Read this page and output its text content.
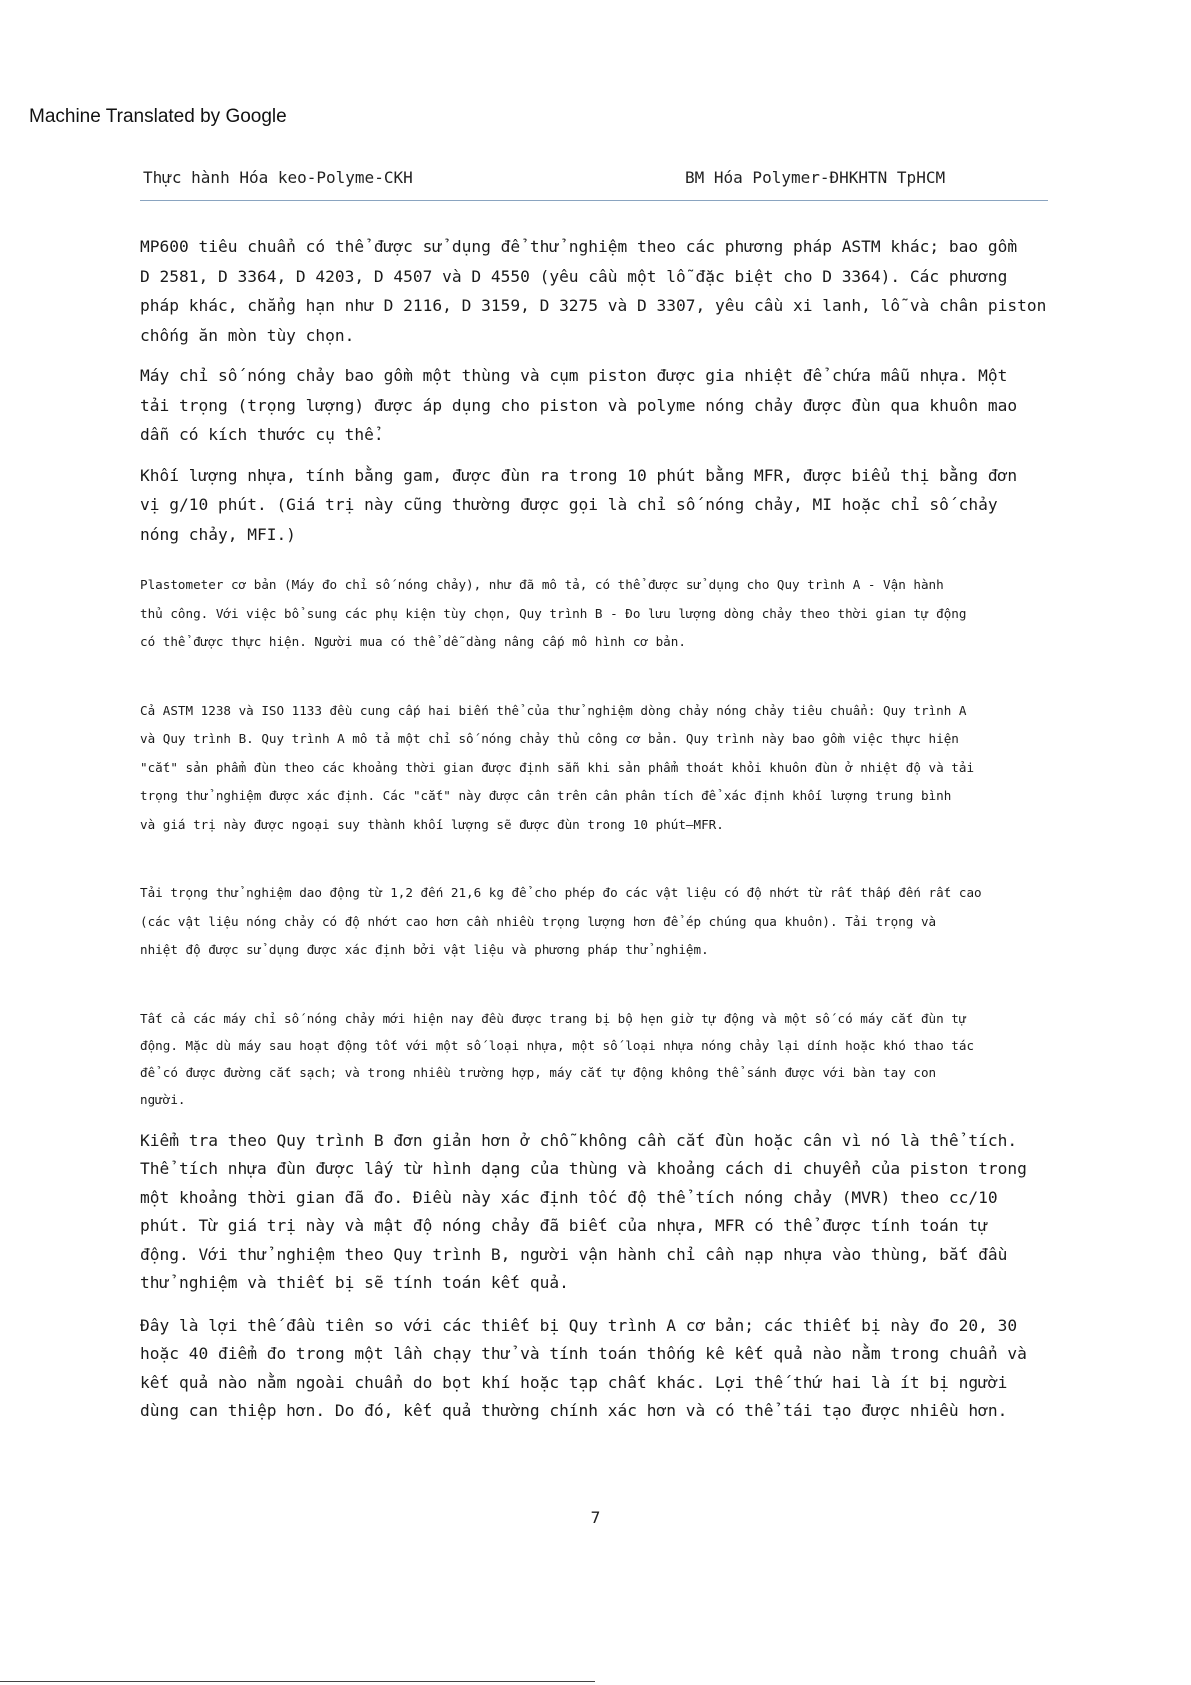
Machine Translated by Google
Thực hành Hóa keo-Polyme-CKH	BM Hóa Polymer-ĐHKHTN TpHCM

MP600 tiêu chuẩn có thể được sử dụng để thử nghiệm theo các phương pháp ASTM khác; bao gồm
D 2581, D 3364, D 4203, D 4507 và D 4550 (yêu cầu một lỗ đặc biệt cho D 3364). Các phương
pháp khác, chẳng hạn như D 2116, D 3159, D 3275 và D 3307, yêu cầu xi lanh, lỗ và chân piston
chống ăn mòn tùy chọn.

Máy chỉ số nóng chảy bao gồm một thùng và cụm piston được gia nhiệt để chứa mẫu nhựa. Một
tải trọng (trọng lượng) được áp dụng cho piston và polyme nóng chảy được đùn qua khuôn mao
dẫn có kích thước cụ thể.

Khối lượng nhựa, tính bằng gam, được đùn ra trong 10 phút bằng MFR, được biểu thị bằng đơn
vị g/10 phút. (Giá trị này cũng thường được gọi là chỉ số nóng chảy, MI hoặc chỉ số chảy
nóng chảy, MFI.)

Plastometer cơ bản (Máy đo chỉ số nóng chảy), như đã mô tả, có thể được sử dụng cho Quy trình A - Vận hành
thủ công. Với việc bổ sung các phụ kiện tùy chọn, Quy trình B - Đo lưu lượng dòng chảy theo thời gian tự động
có thể được thực hiện. Người mua có thể dễ dàng nâng cấp mô hình cơ bản.

Cả ASTM 1238 và ISO 1133 đều cung cấp hai biến thể của thử nghiệm dòng chảy nóng chảy tiêu chuẩn: Quy trình A
và Quy trình B. Quy trình A mô tả một chỉ số nóng chảy thủ công cơ bản. Quy trình này bao gồm việc thực hiện
"cắt" sản phẩm đùn theo các khoảng thời gian được định sẵn khi sản phẩm thoát khỏi khuôn đùn ở nhiệt độ và tải
trọng thử nghiệm được xác định. Các "cắt" này được cân trên cân phân tích để xác định khối lượng trung bình
và giá trị này được ngoại suy thành khối lượng sẽ được đùn trong 10 phút—MFR.

Tải trọng thử nghiệm dao động từ 1,2 đến 21,6 kg để cho phép đo các vật liệu có độ nhớt từ rất thấp đến rất cao
(các vật liệu nóng chảy có độ nhớt cao hơn cần nhiều trọng lượng hơn để ép chúng qua khuôn). Tải trọng và
nhiệt độ được sử dụng được xác định bởi vật liệu và phương pháp thử nghiệm.

Tất cả các máy chỉ số nóng chảy mới hiện nay đều được trang bị bộ hẹn giờ tự động và một số có máy cắt đùn tự
động. Mặc dù máy sau hoạt động tốt với một số loại nhựa, một số loại nhựa nóng chảy lại dính hoặc khó thao tác
để có được đường cắt sạch; và trong nhiều trường hợp, máy cắt tự động không thể sánh được với bàn tay con
người.

Kiểm tra theo Quy trình B đơn giản hơn ở chỗ không cần cắt đùn hoặc cân vì nó là thể tích.
Thể tích nhựa đùn được lấy từ hình dạng của thùng và khoảng cách di chuyển của piston trong
một khoảng thời gian đã đo. Điều này xác định tốc độ thể tích nóng chảy (MVR) theo cc/10
phút. Từ giá trị này và mật độ nóng chảy đã biết của nhựa, MFR có thể được tính toán tự
động. Với thử nghiệm theo Quy trình B, người vận hành chỉ cần nạp nhựa vào thùng, bắt đầu
thử nghiệm và thiết bị sẽ tính toán kết quả.

Đây là lợi thế đầu tiên so với các thiết bị Quy trình A cơ bản; các thiết bị này đo 20, 30
hoặc 40 điểm đo trong một lần chạy thử và tính toán thống kê kết quả nào nằm trong chuẩn và
kết quả nào nằm ngoài chuẩn do bọt khí hoặc tạp chất khác. Lợi thế thứ hai là ít bị người
dùng can thiệp hơn. Do đó, kết quả thường chính xác hơn và có thể tái tạo được nhiều hơn.

7
